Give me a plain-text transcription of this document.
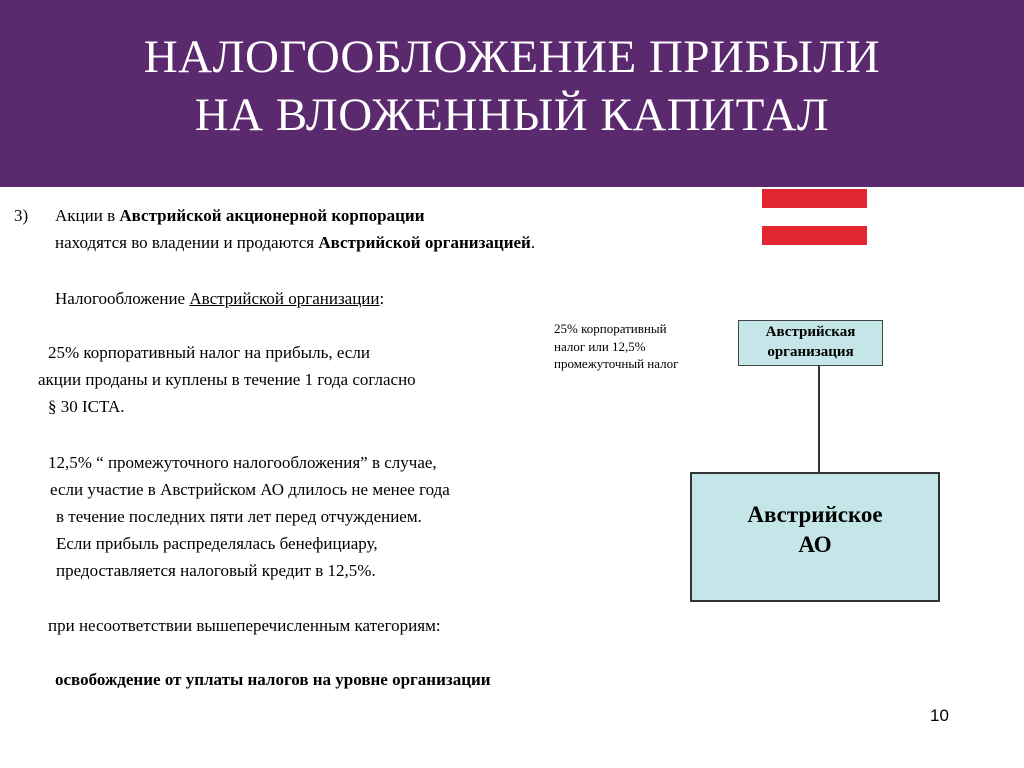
НАЛОГООБЛОЖЕНИЕ ПРИБЫЛИ
НА ВЛОЖЕННЫЙ КАПИТАЛ
3) Акции в Австрийской акционерной корпорации
находятся во владении и продаются Австрийской организацией.
Налогообложение Австрийской организации:
25% корпоративный налог на прибыль, если
акции проданы и куплены в течение 1 года согласно
§ 30 ICTA.
12,5% “ промежуточного налогообложения” в случае,
если участие в Австрийском АО длилось не менее года
в течение последних пяти лет перед отчуждением.
Если прибыль распределялась бенефициару,
предоставляется налоговый кредит в 12,5%.
при несоответствии вышеперечисленным категориям:
освобождение от уплаты налогов на уровне организации
25% корпоративный
налог или 12,5%
промежуточный налог
Австрийская
организация
Австрийское
АО
10
